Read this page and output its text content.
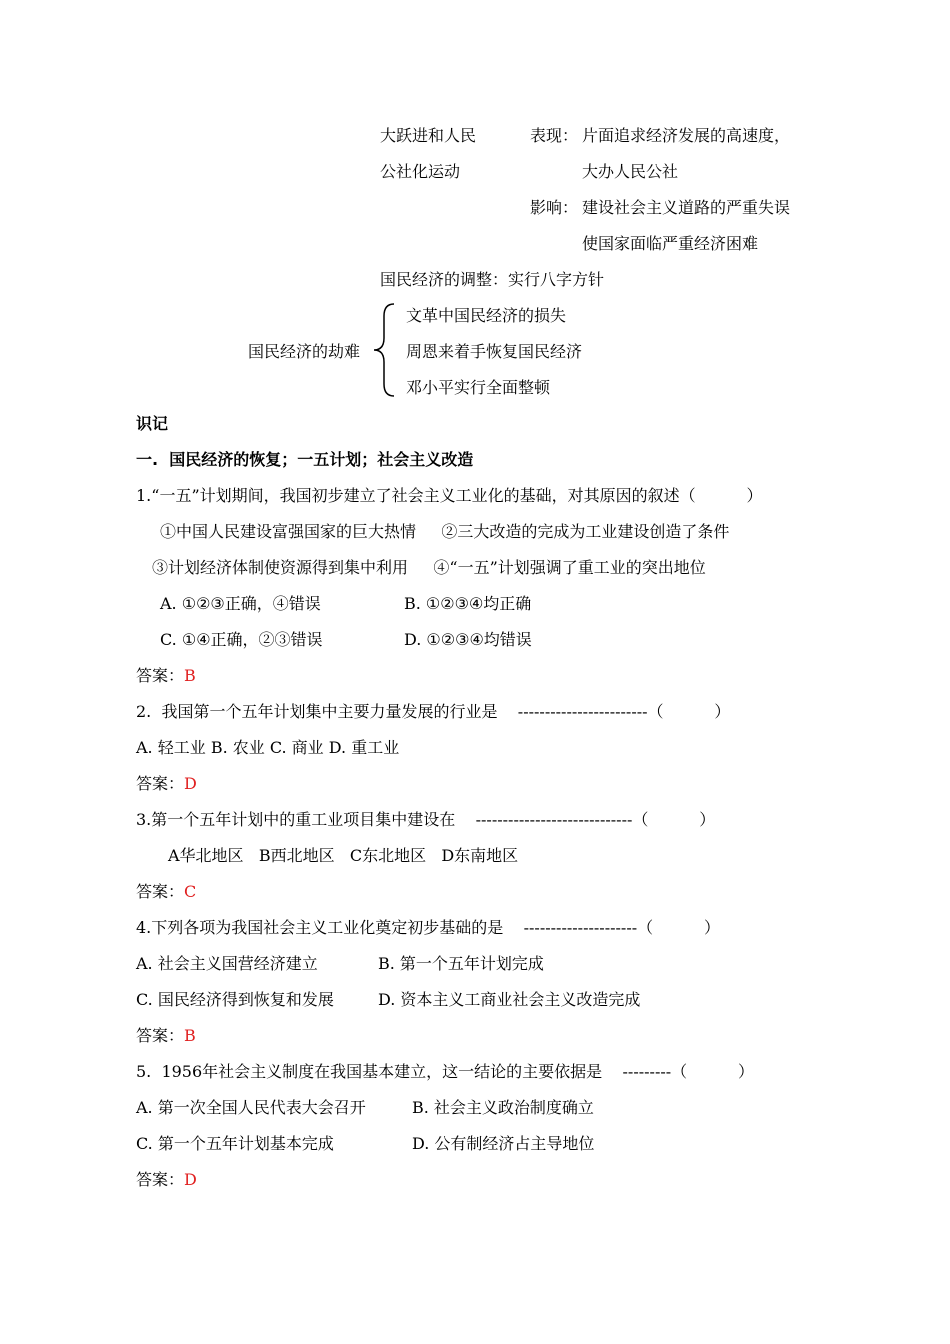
大跃进和人民
公社化运动
表现： 片面追求经济发展的高速度，
大办人民公社
影响： 建设社会主义道路的严重失误
使国家面临严重经济困难
国民经济的调整：实行八字方针
国民经济的劫难
文革中国民经济的损失
周恩来着手恢复国民经济
邓小平实行全面整顿
识记
一.  国民经济的恢复；一五计划；社会主义改造
1.“一五”计划期间，我国初步建立了社会主义工业化的基础，对其原因的叙述（          ）
①中国人民建设富强国家的巨大热情     ②三大改造的完成为工业建设创造了条件
③计划经济体制使资源得到集中利用     ④“一五”计划强调了重工业的突出地位
A. ①②③正确，④错误	B. ①②③④均正确
C. ①④正确，②③错误	D. ①②③④均错误
答案：B
2.  我国第一个五年计划集中主要力量发展的行业是    ------------------------（          ）
A. 轻工业 B. 农业 C. 商业 D. 重工业
答案：D
3.第一个五年计划中的重工业项目集中建设在    -----------------------------（          ）
A华北地区   B西北地区   C东北地区   D东南地区
答案：C
4.下列各项为我国社会主义工业化奠定初步基础的是    ---------------------（          ）
A. 社会主义国营经济建立	B. 第一个五年计划完成
C. 国民经济得到恢复和发展	D. 资本主义工商业社会主义改造完成
答案：B
5.  1956年社会主义制度在我国基本建立，这一结论的主要依据是    ---------（          ）
A. 第一次全国人民代表大会召开	B. 社会主义政治制度确立
C. 第一个五年计划基本完成	D. 公有制经济占主导地位
答案：D
